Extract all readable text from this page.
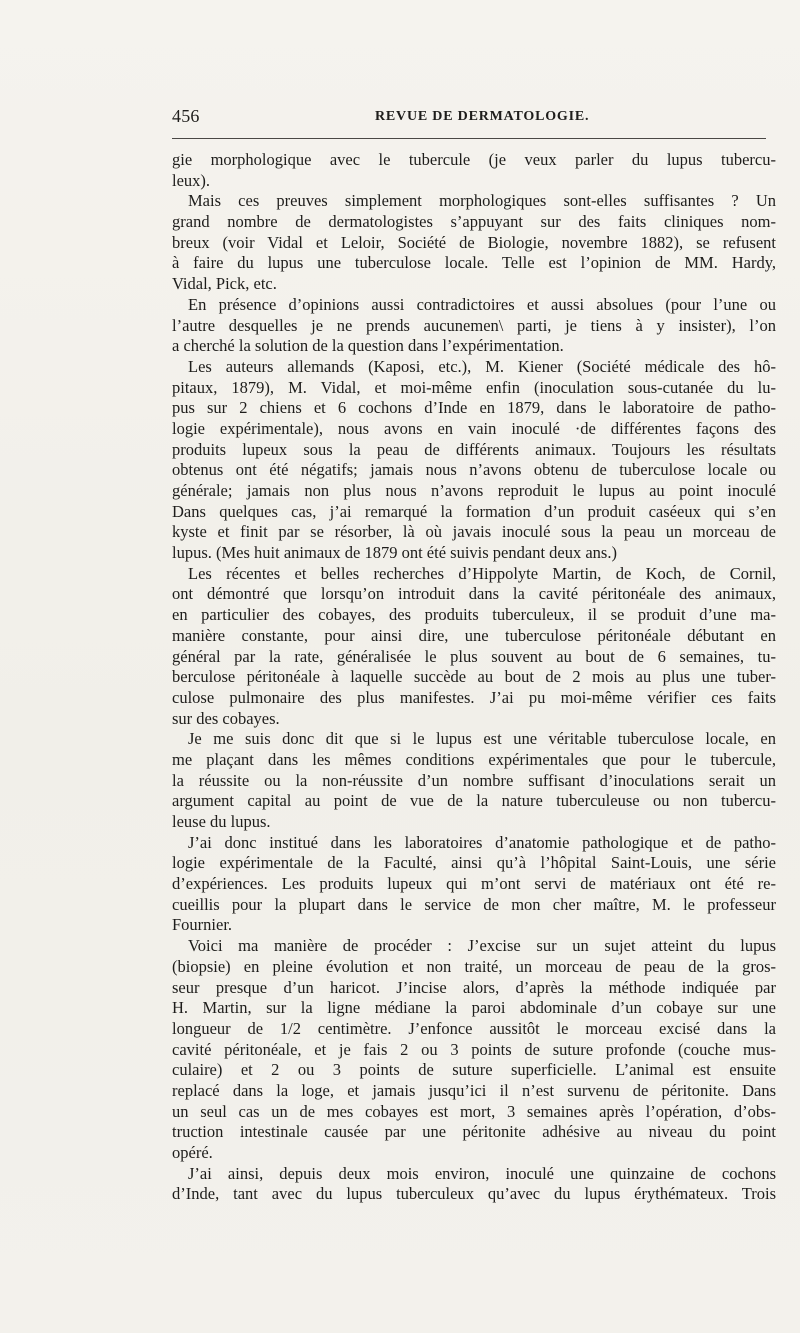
456	REVUE DE DERMATOLOGIE.
gie morphologique avec le tubercule (je veux parler du lupus tubercu-
leux).
Mais ces preuves simplement morphologiques sont-elles suffisantes ? Un
grand nombre de dermatologistes s’appuyant sur des faits cliniques nom-
breux (voir Vidal et Leloir, Société de Biologie, novembre 1882), se refusent
à faire du lupus une tuberculose locale. Telle est l’opinion de MM. Hardy,
Vidal, Pick, etc.
En présence d’opinions aussi contradictoires et aussi absolues (pour l’une ou
l’autre desquelles je ne prends aucunemen\ parti, je tiens à y insister), l’on
a cherché la solution de la question dans l’expérimentation.
Les auteurs allemands (Kaposi, etc.), M. Kiener (Société médicale des hô-
pitaux, 1879), M. Vidal, et moi-même enfin (inoculation sous-cutanée du lu-
pus sur 2 chiens et 6 cochons d’Inde en 1879, dans le laboratoire de patho-
logie expérimentale), nous avons en vain inoculé ·de différentes façons des
produits lupeux sous la peau de différents animaux. Toujours les résultats
obtenus ont été négatifs; jamais nous n’avons obtenu de tuberculose locale ou
générale; jamais non plus nous n’avons reproduit le lupus au point inoculé
Dans quelques cas, j’ai remarqué la formation d’un produit caséeux qui s’en
kyste et finit par se résorber, là où javais inoculé sous la peau un morceau de
lupus. (Mes huit animaux de 1879 ont été suivis pendant deux ans.)
Les récentes et belles recherches d’Hippolyte Martin, de Koch, de Cornil,
ont démontré que lorsqu’on introduit dans la cavité péritonéale des animaux,
en particulier des cobayes, des produits tuberculeux, il se produit d’une ma-
manière constante, pour ainsi dire, une tuberculose péritonéale débutant en
général par la rate, généralisée le plus souvent au bout de 6 semaines, tu-
berculose péritonéale à laquelle succède au bout de 2 mois au plus une tuber-
culose pulmonaire des plus manifestes. J’ai pu moi-même vérifier ces faits
sur des cobayes.
Je me suis donc dit que si le lupus est une véritable tuberculose locale, en
me plaçant dans les mêmes conditions expérimentales que pour le tubercule,
la réussite ou la non-réussite d’un nombre suffisant d’inoculations serait un
argument capital au point de vue de la nature tuberculeuse ou non tubercu-
leuse du lupus.
J’ai donc institué dans les laboratoires d’anatomie pathologique et de patho-
logie expérimentale de la Faculté, ainsi qu’à l’hôpital Saint-Louis, une série
d’expériences. Les produits lupeux qui m’ont servi de matériaux ont été re-
cueillis pour la plupart dans le service de mon cher maître, M. le professeur
Fournier.
Voici ma manière de procéder : J’excise sur un sujet atteint du lupus
(biopsie) en pleine évolution et non traité, un morceau de peau de la gros-
seur presque d’un haricot. J’incise alors, d’après la méthode indiquée par
H. Martin, sur la ligne médiane la paroi abdominale d’un cobaye sur une
longueur de 1/2 centimètre. J’enfonce aussitôt le morceau excisé dans la
cavité péritonéale, et je fais 2 ou 3 points de suture profonde (couche mus-
culaire) et 2 ou 3 points de suture superficielle. L’animal est ensuite
replacé dans la loge, et jamais jusqu’ici il n’est survenu de péritonite. Dans
un seul cas un de mes cobayes est mort, 3 semaines après l’opération, d’obs-
truction intestinale causée par une péritonite adhésive au niveau du point
opéré.
J’ai ainsi, depuis deux mois environ, inoculé une quinzaine de cochons
d’Inde, tant avec du lupus tuberculeux qu’avec du lupus érythémateux. Trois
